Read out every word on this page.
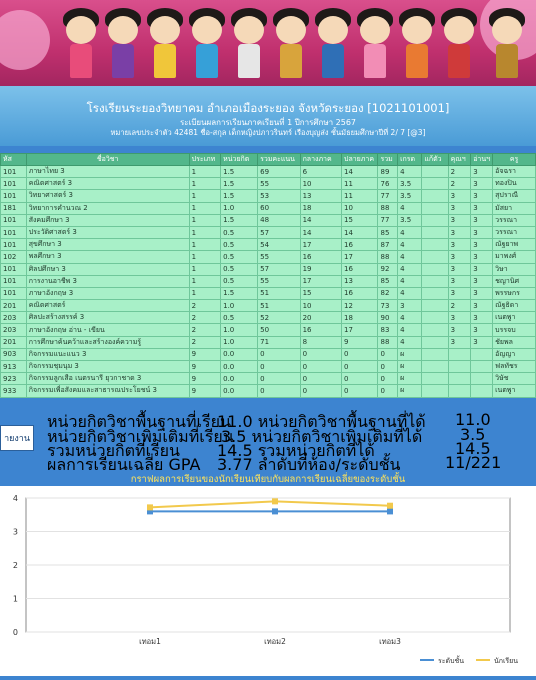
โรงเรียนระยองวิทยาคม อำเภอเมืองระยอง จังหวัดระยอง [1021101001]
ระเบียนผลการเรียนภาคเรียนที่ 1 ปีการศึกษา 2567
หมายเลขประจำตัว 42481 ชื่อ-สกุล เด็กหญิงปภาวรินทร์ เรืองบุญส่ง ชั้นมัธยมศึกษาปีที่ 2/ 7 [@3]
หัส	ชื่อวิชา	ประเภท	หน่วยกิต	รวมคะแนน	กลางภาค	ปลายภาค	รวม	เกรด	แก้ตัว	คุณฯ	อ่านฯ	ครู
101	ภาษาไทย 3	1	1.5	69	6	14	89	4		2	3	อัจฉรา
101	คณิตศาสตร์ 3	1	1.5	55	10	11	76	3.5		2	3	ทองปิน
101	วิทยาศาสตร์ 3	1	1.5	53	13	11	77	3.5		3	3	สุปราณี
181	วิทยาการคำนวณ 2	1	1.0	60	18	10	88	4		3	3	มัสยา
101	สังคมศึกษา 3	1	1.5	48	14	15	77	3.5		3	3	วรรณา
101	ประวัติศาสตร์ 3	1	0.5	57	14	14	85	4		3	3	วรรณา
101	สุขศึกษา 3	1	0.5	54	17	16	87	4		3	3	ณัฐยาพ
102	พลศึกษา 3	1	0.5	55	16	17	88	4		3	3	มาพงศ์
101	ศิลปศึกษา 3	1	0.5	57	19	16	92	4		3	3	วิษา
101	การงานอาชีพ 3	1	0.5	55	17	13	85	4		3	3	ชญานิศ
101	ภาษาอังกฤษ 3	1	1.5	51	15	16	82	4		3	3	พรรษกร
201	คณิตศาสตร์	2	1.0	51	10	12	73	3		2	3	ณัฐธิดา
203	ศิลปะสร้างสรรค์ 3	2	0.5	52	20	18	90	4		3	3	เนตพูา
203	ภาษาอังกฤษ อ่าน - เขียน	2	1.0	50	16	17	83	4		3	3	บรรจบ
201	การศึกษาค้นคว้าและสร้างองค์ความรู้	2	1.0	71	8	9	88	4		3	3	ชัยพล
903	กิจกรรมแนะแนว 3	9	0.0	0	0	0	0	ผ				อัญญา
913	กิจกรรมชุมนุม 3	9	0.0	0	0	0	0	ผ				ฟลทัชร
923	กิจกรรมลูกเสือ เนตรนารี ยุวกาชาด 3	9	0.0	0	0	0	0	ผ				วิษัช
933	กิจกรรมเพื่อสังคมและสาธารณประโยชน์ 3	9	0.0	0	0	0	0	ผ				เนตพูา
ายงาน
หน่วยกิตวิชาพื้นฐานที่เรียน
11.0 หน่วยกิตวิชาพื้นฐานที่ได้ 11.0
หน่วยกิตวิชาเพิ่มเติมที่เรียน
3.5 หน่วยกิตวิชาเพิ่มเติมที่ได้ 3.5
รวมหน่วยกิตที่เรียน 14.5 รวมหน่วยกิตที่ได้	14.5
ผลการเรียนเฉลี่ย GPA 3.77 ลำดับที่ห้อง/ระดับชั้น	11/221
กราฟผลการเรียนของนักเรียนเทียบกับผลการเรียนเฉลี่ยของระดับชั้น
0
1
2
3
4
เทอม1	เทอม2	เทอม3
ระดับชั้น	นักเรียน
